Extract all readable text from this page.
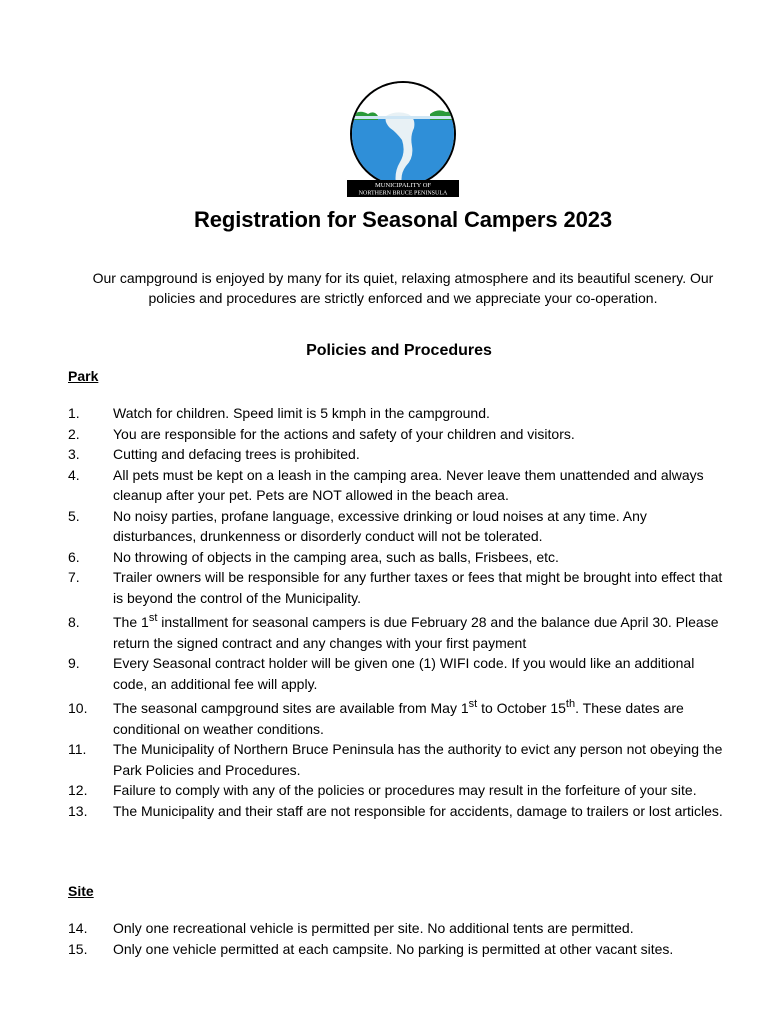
MUNICIPALITY OF
NORTHERN BRUCE PENINSULA
Registration for Seasonal Campers 2023
Our campground is enjoyed by many for its quiet, relaxing atmosphere and its beautiful scenery. Our policies and procedures are strictly enforced and we appreciate your co-operation.
Policies and Procedures
Park
1. Watch for children. Speed limit is 5 kmph in the campground.
2. You are responsible for the actions and safety of your children and visitors.
3. Cutting and defacing trees is prohibited.
4. All pets must be kept on a leash in the camping area. Never leave them unattended and always cleanup after your pet. Pets are NOT allowed in the beach area.
5. No noisy parties, profane language, excessive drinking or loud noises at any time. Any disturbances, drunkenness or disorderly conduct will not be tolerated.
6. No throwing of objects in the camping area, such as balls, Frisbees, etc.
7. Trailer owners will be responsible for any further taxes or fees that might be brought into effect that is beyond the control of the Municipality.
8. The 1st installment for seasonal campers is due February 28 and the balance due April 30. Please return the signed contract and any changes with your first payment
9. Every Seasonal contract holder will be given one (1) WIFI code. If you would like an additional code, an additional fee will apply.
10. The seasonal campground sites are available from May 1st to October 15th. These dates are conditional on weather conditions.
11. The Municipality of Northern Bruce Peninsula has the authority to evict any person not obeying the Park Policies and Procedures.
12. Failure to comply with any of the policies or procedures may result in the forfeiture of your site.
13. The Municipality and their staff are not responsible for accidents, damage to trailers or lost articles.
Site
14. Only one recreational vehicle is permitted per site. No additional tents are permitted.
15. Only one vehicle permitted at each campsite. No parking is permitted at other vacant sites.
